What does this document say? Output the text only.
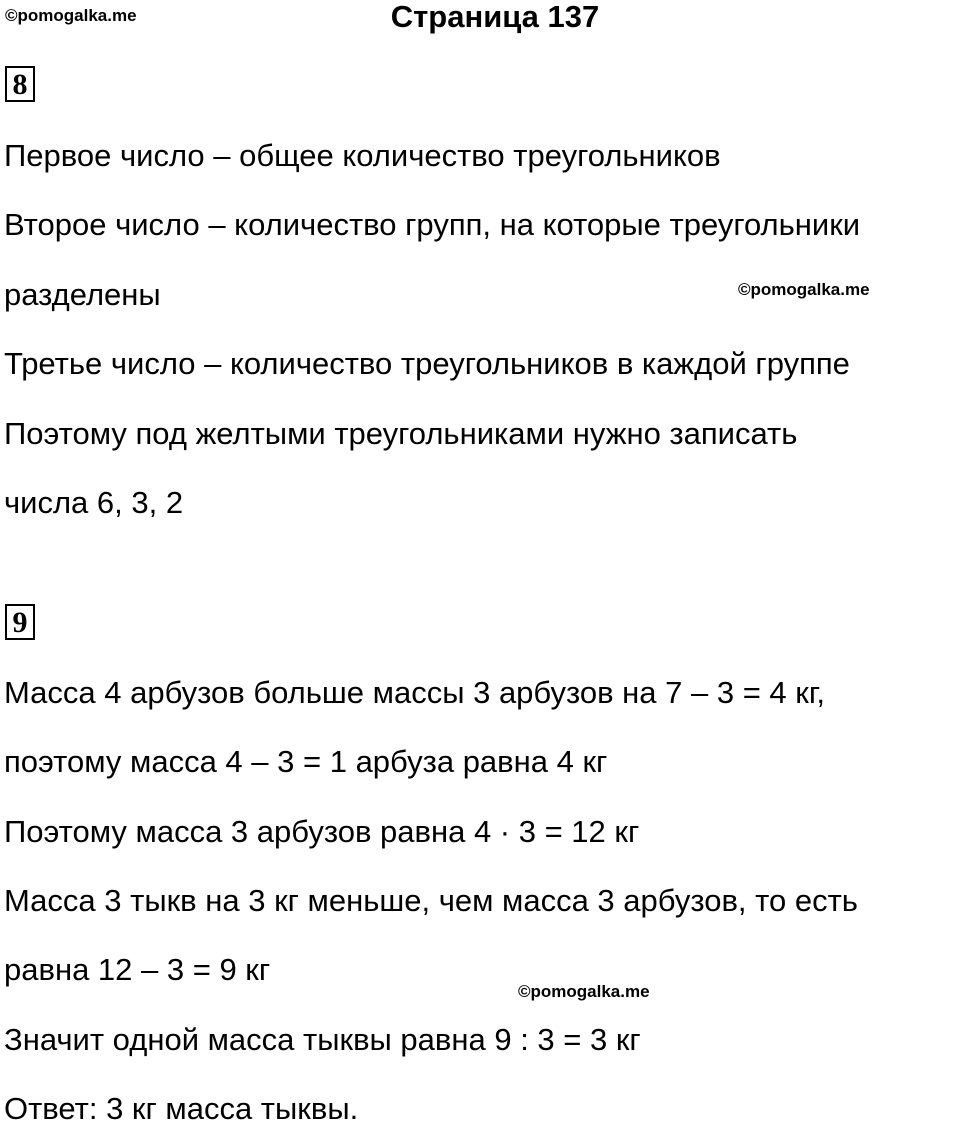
©pomogalka.me	Страница 137
8
Первое число – общее количество треугольников
Второе число – количество групп, на которые треугольники
разделены	©pomogalka.me
Третье число – количество треугольников в каждой группе
Поэтому под желтыми треугольниками нужно записать
числа 6, 3, 2
9
Масса 4 арбузов больше массы 3 арбузов на 7 – 3 = 4 кг,
поэтому масса 4 – 3 = 1 арбуза равна 4 кг
Поэтому масса 3 арбузов равна 4 · 3 = 12 кг
Масса 3 тыкв на 3 кг меньше, чем масса 3 арбузов, то есть
равна 12 – 3 = 9 кг
©pomogalka.me
Значит одной масса тыквы равна 9 : 3 = 3 кг
Ответ: 3 кг масса тыквы.
